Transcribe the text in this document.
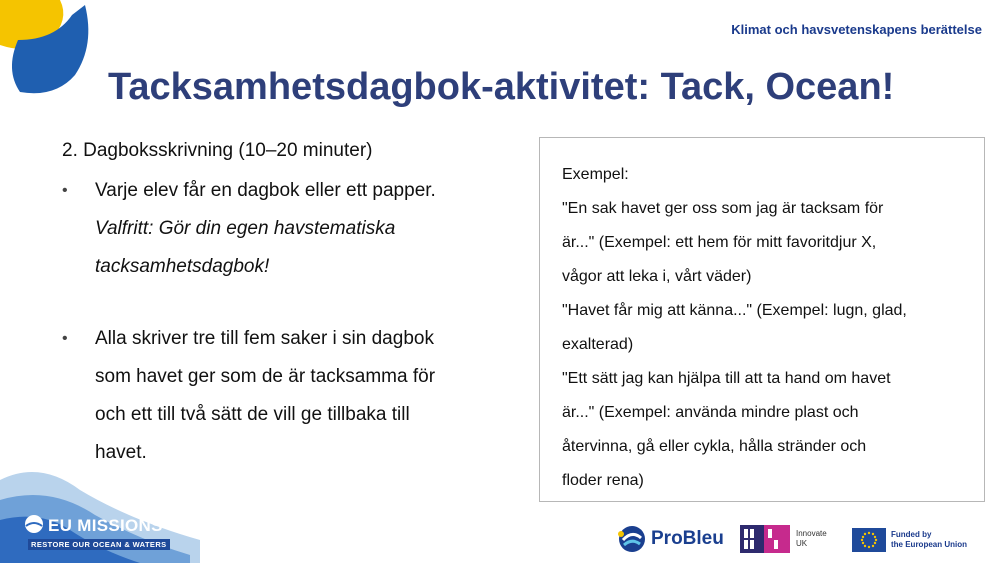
Klimat och havsvetenskapens berättelse
Tacksamhetsdagbok-aktivitet: Tack, Ocean!
2. Dagboksskrivning (10–20 minuter)
• Varje elev får en dagbok eller ett papper.
Valfritt: Gör din egen havstematiska
tacksamhetsdagbok!
• Alla skriver tre till fem saker i sin dagbok
som havet ger som de är tacksamma för
och ett till två sätt de vill ge tillbaka till
havet.
Exempel:
"En sak havet ger oss som jag är tacksam för
är..." (Exempel: ett hem för mitt favoritdjur X,
vågor att leka i, vårt väder)
"Havet får mig att känna..." (Exempel: lugn, glad,
exalterad)
"Ett sätt jag kan hjälpa till att ta hand om havet
är..." (Exempel: använda mindre plast och
återvinna, gå eller cykla, hålla stränder och
floder rena)
EU MISSIONS
RESTORE OUR OCEAN & WATERS	ProBleu	Innovate
UK
Funded by
the European Union
